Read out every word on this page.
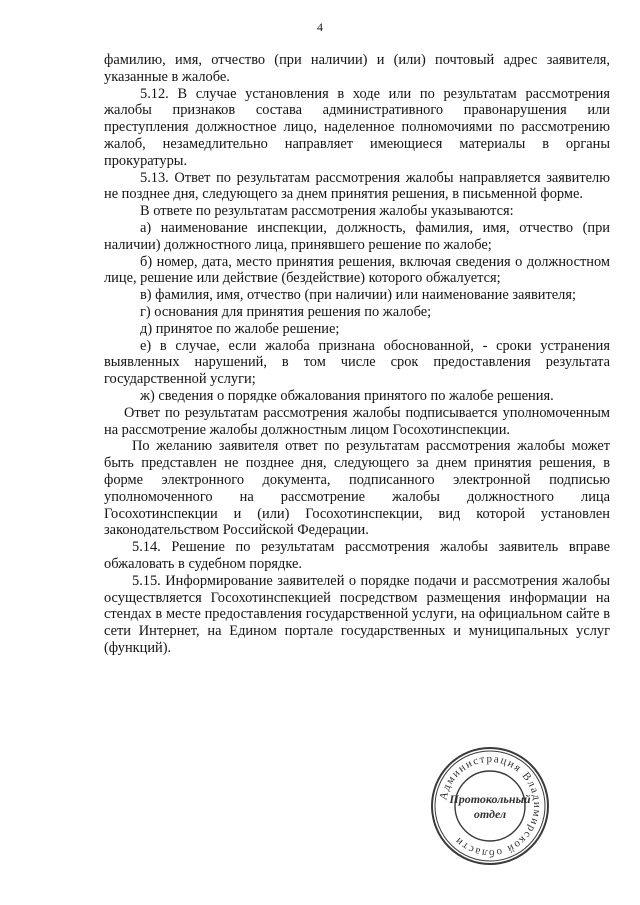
4

фамилию, имя, отчество (при наличии) и (или) почтовый адрес заявителя, указанные в жалобе.

5.12. В случае установления в ходе или по результатам рассмотрения жалобы признаков состава административного правонарушения или преступления должностное лицо, наделенное полномочиями по рассмотрению жалоб, незамедлительно направляет имеющиеся материалы в органы прокуратуры.

5.13. Ответ по результатам рассмотрения жалобы направляется заявителю не позднее дня, следующего за днем принятия решения, в письменной форме.

В ответе по результатам рассмотрения жалобы указываются:

а) наименование инспекции, должность, фамилия, имя, отчество (при наличии) должностного лица, принявшего решение по жалобе;

б) номер, дата, место принятия решения, включая сведения о должностном лице, решение или действие (бездействие) которого обжалуется;

в) фамилия, имя, отчество (при наличии) или наименование заявителя;

г) основания для принятия решения по жалобе;

д) принятое по жалобе решение;

е) в случае, если жалоба признана обоснованной, - сроки устранения выявленных нарушений, в том числе срок предоставления результата государственной услуги;

ж) сведения о порядке обжалования принятого по жалобе решения.

Ответ по результатам рассмотрения жалобы подписывается уполномоченным на рассмотрение жалобы должностным лицом Госохотинспекции.

По желанию заявителя ответ по результатам рассмотрения жалобы может быть представлен не позднее дня, следующего за днем принятия решения, в форме электронного документа, подписанного электронной подписью уполномоченного на рассмотрение жалобы должностного лица Госохотинспекции и (или) Госохотинспекции, вид которой установлен законодательством Российской Федерации.

5.14. Решение по результатам рассмотрения жалобы заявитель вправе обжаловать в судебном порядке.

5.15. Информирование заявителей о порядке подачи и рассмотрения жалобы осуществляется Госохотинспекцией посредством размещения информации на стендах в месте предоставления государственной услуги, на официальном сайте в сети Интернет, на Едином портале государственных и муниципальных услуг (функций).

Администрация Владимирской области
Протокольный
отдел
